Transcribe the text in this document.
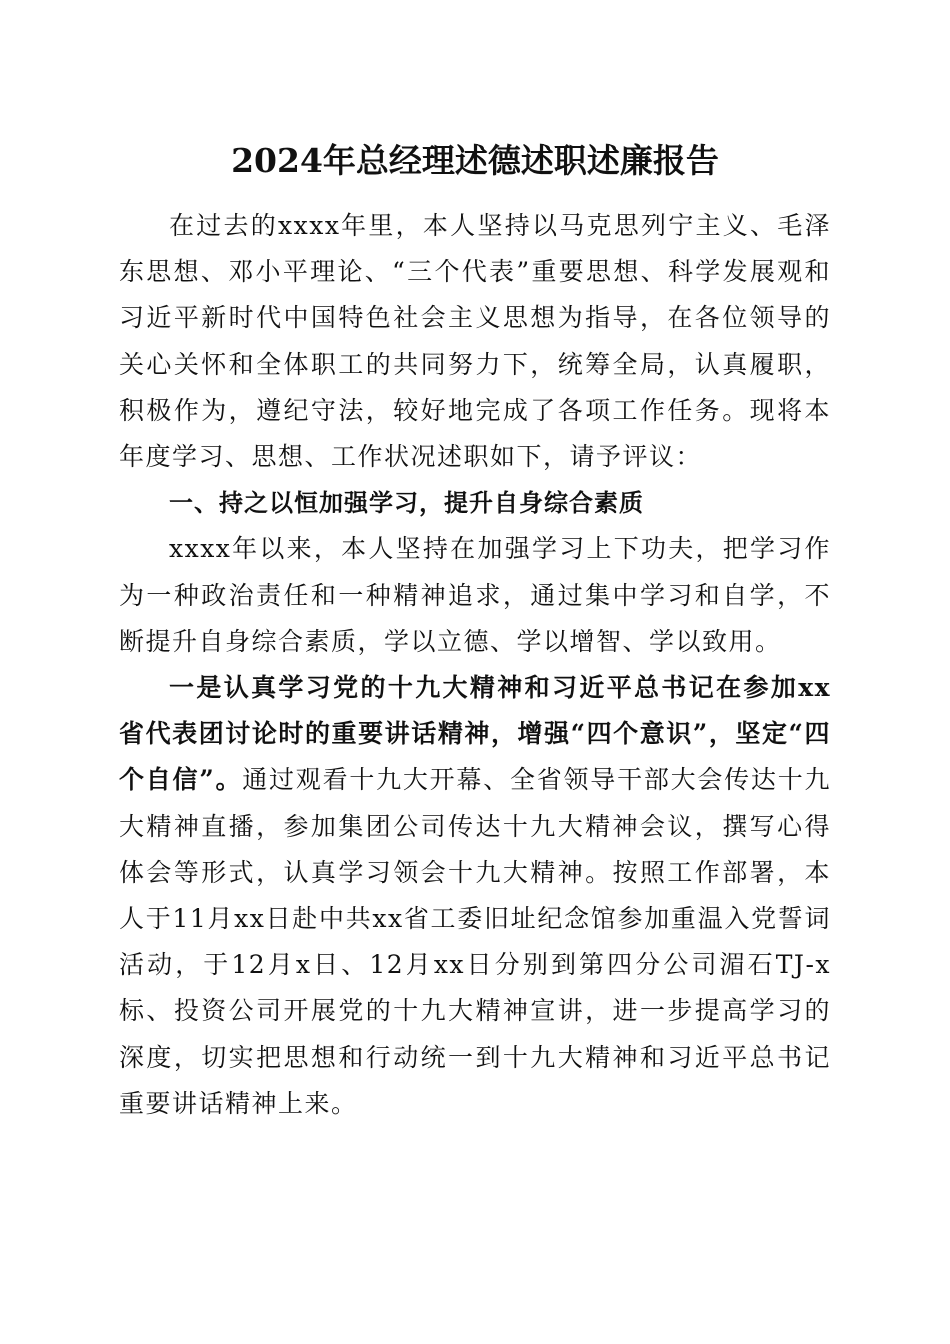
2024年总经理述德述职述廉报告

在过去的xxxx年里，本人坚持以马克思列宁主义、毛泽东思想、邓小平理论、“三个代表”重要思想、科学发展观和习近平新时代中国特色社会主义思想为指导，在各位领导的关心关怀和全体职工的共同努力下，统筹全局，认真履职，积极作为，遵纪守法，较好地完成了各项工作任务。现将本年度学习、思想、工作状况述职如下，请予评议：

一、持之以恒加强学习，提升自身综合素质

xxxx年以来，本人坚持在加强学习上下功夫，把学习作为一种政治责任和一种精神追求，通过集中学习和自学，不断提升自身综合素质，学以立德、学以增智、学以致用。

一是认真学习党的十九大精神和习近平总书记在参加xx省代表团讨论时的重要讲话精神，增强“四个意识”，坚定“四个自信”。通过观看十九大开幕、全省领导干部大会传达十九大精神直播，参加集团公司传达十九大精神会议，撰写心得体会等形式，认真学习领会十九大精神。按照工作部署，本人于11月xx日赴中共xx省工委旧址纪念馆参加重温入党誓词活动，于12月x日、12月xx日分别到第四分公司湄石TJ-x标、投资公司开展党的十九大精神宣讲，进一步提高学习的深度，切实把思想和行动统一到十九大精神和习近平总书记重要讲话精神上来。
